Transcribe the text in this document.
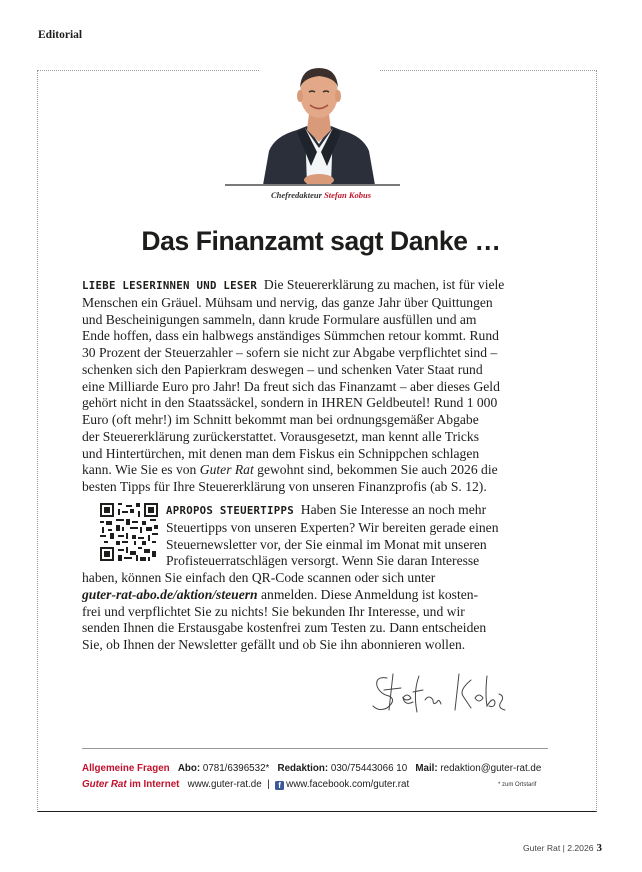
Editorial
Chefredakteur Stefan Kobus
Das Finanzamt sagt Danke …
LIEBE LESERINNEN UND LESER Die Steuererklärung zu machen, ist für viele
Menschen ein Gräuel. Mühsam und nervig, das ganze Jahr über Quittungen
und Bescheinigungen sammeln, dann krude Formulare ausfüllen und am
Ende hoffen, dass ein halbwegs anständiges Sümmchen retour kommt. Rund
30 Prozent der Steuerzahler – sofern sie nicht zur Abgabe verpflichtet sind –
schenken sich den Papierkram deswegen – und schenken Vater Staat rund
eine Milliarde Euro pro Jahr! Da freut sich das Finanzamt – aber dieses Geld
gehört nicht in den Staatssäckel, sondern in IHREN Geldbeutel! Rund 1 000
Euro (oft mehr!) im Schnitt bekommt man bei ordnungsgemäßer Abgabe
der Steuererklärung zurückerstattet. Vorausgesetzt, man kennt alle Tricks
und Hintertürchen, mit denen man dem Fiskus ein Schnippchen schlagen
kann. Wie Sie es von Guter Rat gewohnt sind, bekommen Sie auch 2026 die
besten Tipps für Ihre Steuererklärung von unseren Finanzprofis (ab S. 12).
APROPOS STEUERTIPPS Haben Sie Interesse an noch mehr
Steuertipps von unseren Experten? Wir bereiten gerade einen
Steuernewsletter vor, der Sie einmal im Monat mit unseren
Profisteuerratschlägen versorgt. Wenn Sie daran Interesse
haben, können Sie einfach den QR-Code scannen oder sich unter
guter-rat-abo.de/aktion/steuern anmelden. Diese Anmeldung ist kosten-
frei und verpflichtet Sie zu nichts! Sie bekunden Ihr Interesse, und wir
senden Ihnen die Erstausgabe kostenfrei zum Testen zu. Dann entscheiden
Sie, ob Ihnen der Newsletter gefällt und ob Sie ihn abonnieren wollen.
Allgemeine Fragen Abo: 0781/6396532* Redaktion: 030/75443066 10 Mail: redaktion@guter-rat.de
Guter Rat im Internet www.guter-rat.de | f www.facebook.com/guter.rat	* zum Ortstarif
Guter Rat | 2.2026 3
